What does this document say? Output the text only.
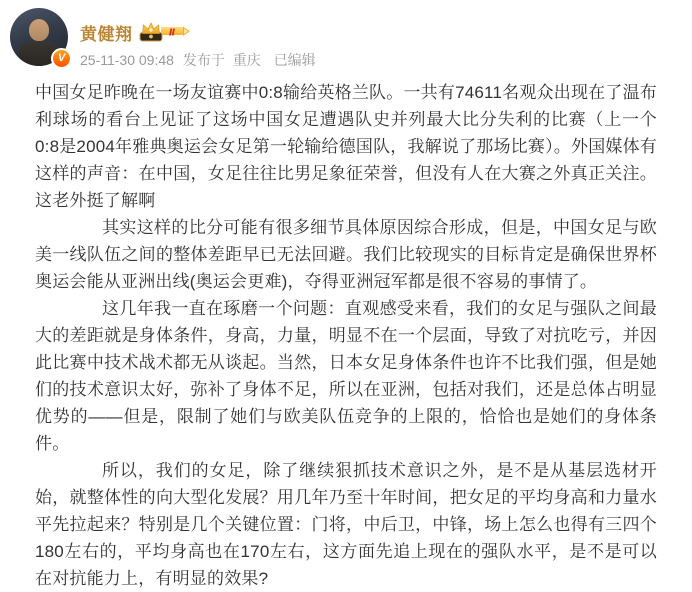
V
黄健翔	Ⅱ
25-11-30 09:48 发布于 重庆 已编辑

中国女足昨晚在一场友谊赛中0:8输给英格兰队。一共有74611名观众出现在了温布利球场的看台上见证了这场中国女足遭遇队史并列最大比分失利的比赛（上一个0:8是2004年雅典奥运会女足第一轮输给德国队，我解说了那场比赛）。外国媒体有这样的声音：在中国，女足往往比男足象征荣誉，但没有人在大赛之外真正关注。这老外挺了解啊

其实这样的比分可能有很多细节具体原因综合形成，但是，中国女足与欧美一线队伍之间的整体差距早已无法回避。我们比较现实的目标肯定是确保世界杯奥运会能从亚洲出线(奥运会更难)，夺得亚洲冠军都是很不容易的事情了。

这几年我一直在琢磨一个问题：直观感受来看，我们的女足与强队之间最大的差距就是身体条件，身高，力量，明显不在一个层面，导致了对抗吃亏，并因此比赛中技术战术都无从谈起。当然，日本女足身体条件也许不比我们强，但是她们的技术意识太好，弥补了身体不足，所以在亚洲，包括对我们，还是总体占明显优势的——但是，限制了她们与欧美队伍竞争的上限的，恰恰也是她们的身体条件。

所以，我们的女足，除了继续狠抓技术意识之外，是不是从基层选材开始，就整体性的向大型化发展？用几年乃至十年时间，把女足的平均身高和力量水平先拉起来？特别是几个关键位置：门将，中后卫，中锋，场上怎么也得有三四个180左右的，平均身高也在170左右，这方面先追上现在的强队水平，是不是可以在对抗能力上，有明显的效果?
